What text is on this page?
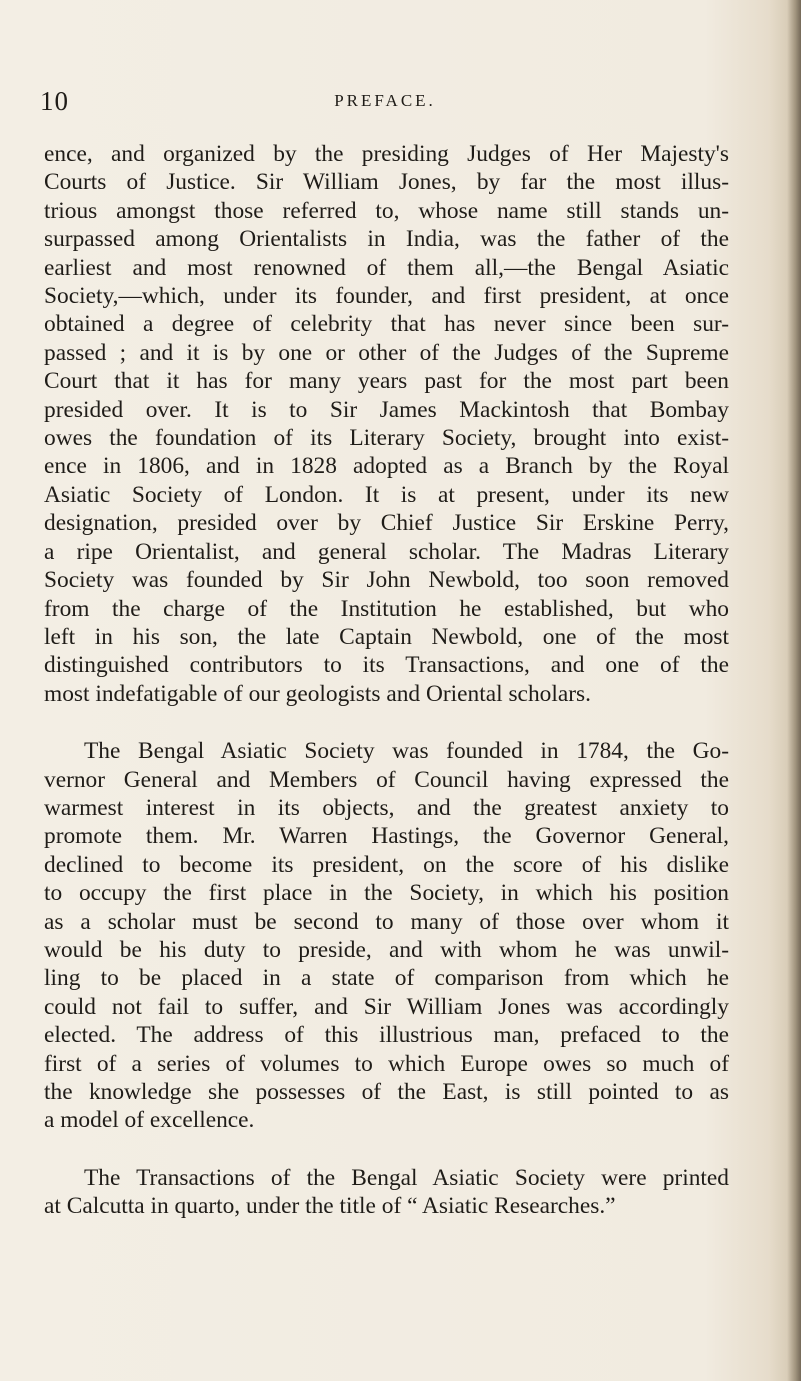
10	PREFACE.
ence, and organized by the presiding Judges of Her Majesty's
Courts of Justice. Sir William Jones, by far the most illus-
trious amongst those referred to, whose name still stands un-
surpassed among Orientalists in India, was the father of the
earliest and most renowned of them all,—the Bengal Asiatic
Society,—which, under its founder, and first president, at once
obtained a degree of celebrity that has never since been sur-
passed ; and it is by one or other of the Judges of the Supreme
Court that it has for many years past for the most part been
presided over. It is to Sir James Mackintosh that Bombay
owes the foundation of its Literary Society, brought into exist-
ence in 1806, and in 1828 adopted as a Branch by the Royal
Asiatic Society of London. It is at present, under its new
designation, presided over by Chief Justice Sir Erskine Perry,
a ripe Orientalist, and general scholar. The Madras Literary
Society was founded by Sir John Newbold, too soon removed
from the charge of the Institution he established, but who
left in his son, the late Captain Newbold, one of the most
distinguished contributors to its Transactions, and one of the
most indefatigable of our geologists and Oriental scholars.
The Bengal Asiatic Society was founded in 1784, the Go-
vernor General and Members of Council having expressed the
warmest interest in its objects, and the greatest anxiety to
promote them. Mr. Warren Hastings, the Governor General,
declined to become its president, on the score of his dislike
to occupy the first place in the Society, in which his position
as a scholar must be second to many of those over whom it
would be his duty to preside, and with whom he was unwil-
ling to be placed in a state of comparison from which he
could not fail to suffer, and Sir William Jones was accordingly
elected. The address of this illustrious man, prefaced to the
first of a series of volumes to which Europe owes so much of
the knowledge she possesses of the East, is still pointed to as
a model of excellence.
The Transactions of the Bengal Asiatic Society were printed
at Calcutta in quarto, under the title of “ Asiatic Researches.”
